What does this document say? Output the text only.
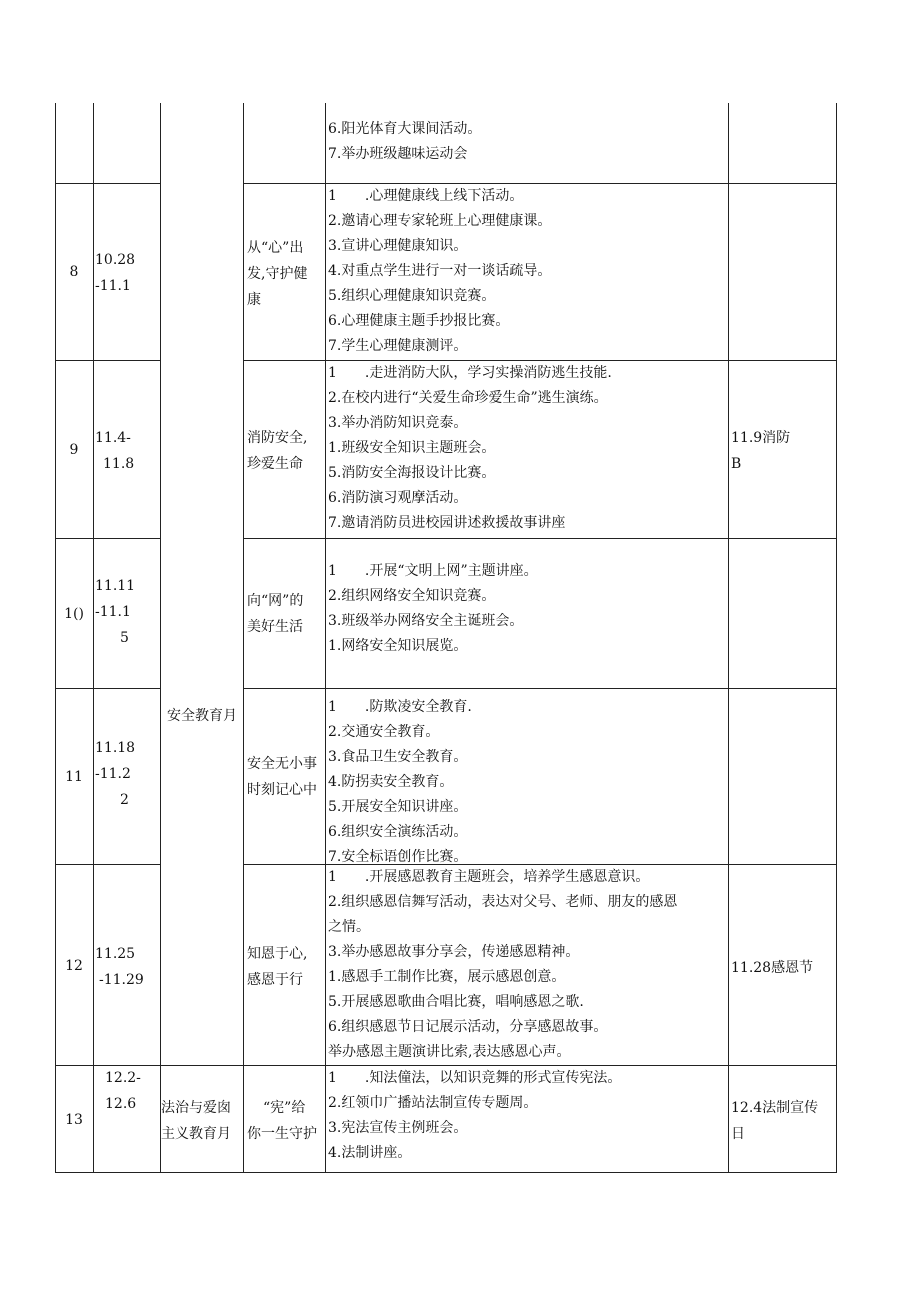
6.阳光体育大课间活动。
7.举办班级趣味运动会
8
10.28
-11.1
从“心”出
发,守护健
康
1　　.心理健康线上线下活动。
2.邀请心理专家轮班上心理健康课。
3.宣讲心理健康知识。
4.对重点学生进行一对一谈话疏导。
5.组织心理健康知识竞赛。
6.心理健康主题手抄报比赛。
7.学生心理健康测评。
9
11.4-
11.8
消防安全,
珍爱生命
1　　.走进消防大队，学习实操消防逃生技能.
2.在校内进行“关爱生命珍爱生命”逃生演练。
3.举办消防知识竞泰。
1.班级安全知识主题班会。
5.消防安全海报设计比赛。
6.消防演习观摩活动。
7.邀请消防员进校园讲述救援故事讲座
11.9消防
B
1()
11.11
-11.1
5
向“网”的
美好生活
1　　.开展“文明上网”主题讲座。
2.组织网络安全知识竞赛。
3.班级举办网络安全主诞班会。
1.网络安全知识展览。
安全教育月
11
11.18
-11.2
2
安全无小事
时刻记心中
1　　.防欺凌安全教育.
2.交通安全教育。
3.食品卫生安全教育。
4.防拐卖安全教育。
5.开展安全知识讲座。
6.组织安全演练活动。
7.安全标语创作比赛。
12
11.25
-11.29
知恩于心,
感恩于行
1　　.开展感恩教育主题班会，培养学生感恩意识。
2.组织感恩信舞写活动，表达对父号、老师、朋友的感恩
之情。
3.举办感恩故事分享会，传递感恩精神。
1.感恩手工制作比赛，展示感恩创意。
5.开展感恩歌曲合唱比赛，唱响感恩之歌.
6.组织感恩节日记展示活动，分享感恩故事。
举办感恩主题演讲比索,表达感恩心声。
11.28感恩节
13
12.2-
12.6	法治与爱囱
主义教育月
“宪”给
你一生守护
1　　.知法僮法，以知识竞舞的形式宣传宪法。
2.红领巾广播站法制宣传专题周。
3.宪法宣传主例班会。
4.法制讲座。
12.4法制宣传
日
